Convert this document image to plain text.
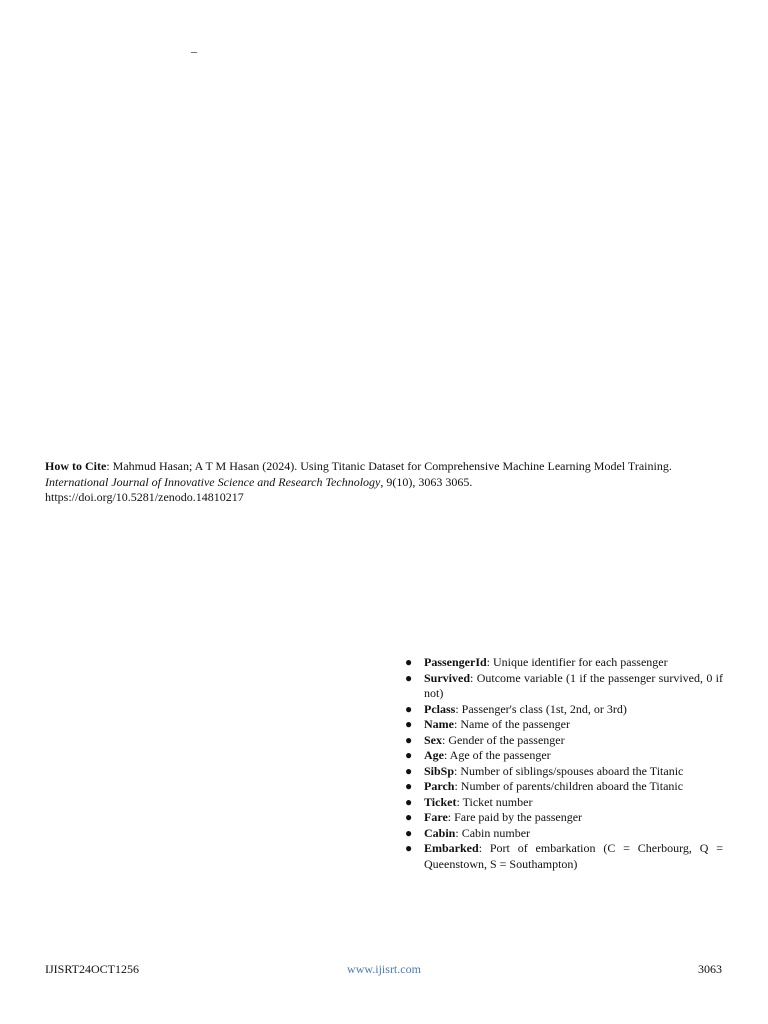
–
How to Cite: Mahmud Hasan; A T M Hasan (2024). Using Titanic Dataset for Comprehensive Machine Learning Model Training.
International Journal of Innovative Science and Research Technology, 9(10), 3063 3065.
https://doi.org/10.5281/zenodo.14810217
● PassengerId: Unique identifier for each passenger
● Survived: Outcome variable (1 if the passenger survived, 0 if not)
● Pclass: Passenger's class (1st, 2nd, or 3rd)
● Name: Name of the passenger
● Sex: Gender of the passenger
● Age: Age of the passenger
● SibSp: Number of siblings/spouses aboard the Titanic
● Parch: Number of parents/children aboard the Titanic
● Ticket: Ticket number
● Fare: Fare paid by the passenger
● Cabin: Cabin number
● Embarked: Port of embarkation (C = Cherbourg, Q = Queenstown, S = Southampton)
IJISRT24OCT1256	www.ijisrt.com	3063
